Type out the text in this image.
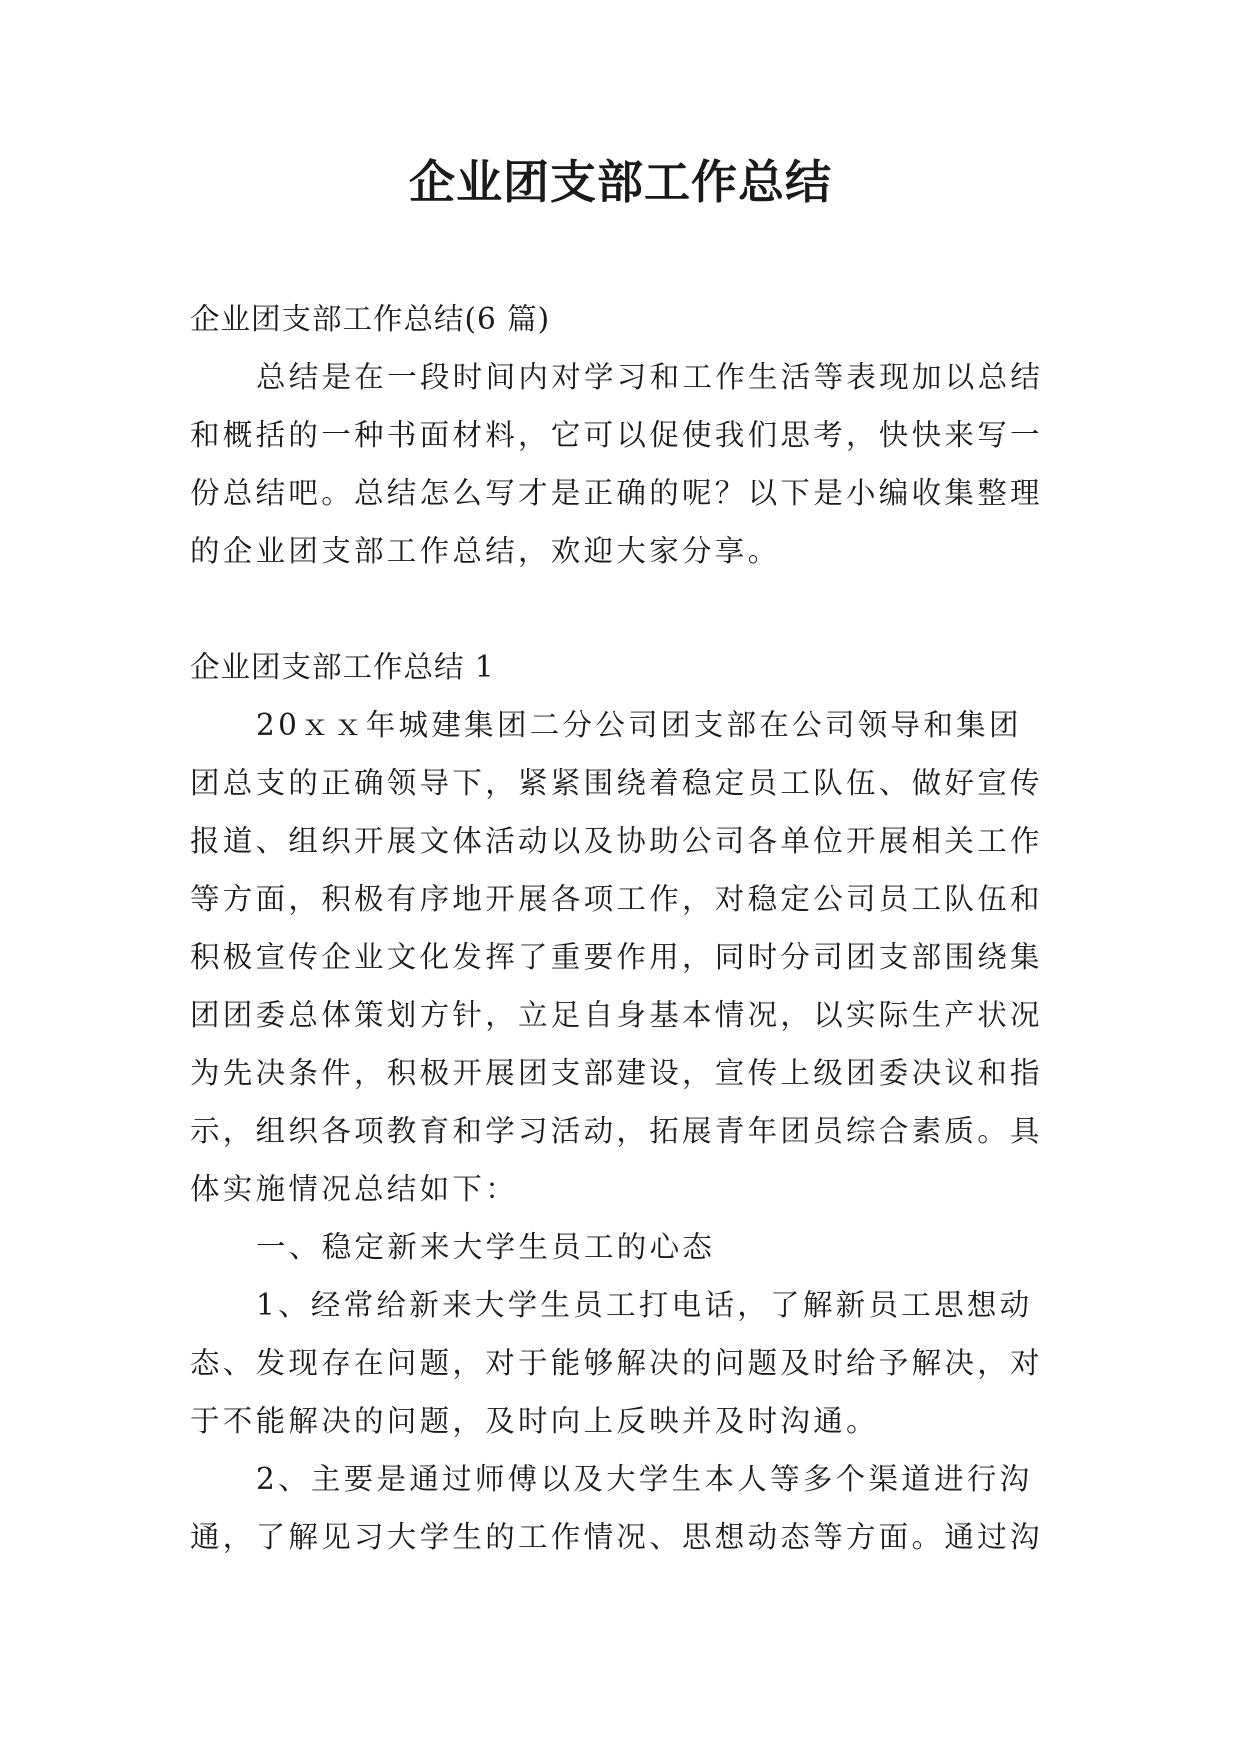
企业团支部工作总结

企业团支部工作总结(6 篇)

总结是在一段时间内对学习和工作生活等表现加以总结和概括的一种书面材料，它可以促使我们思考，快快来写一份总结吧。总结怎么写才是正确的呢？以下是小编收集整理的企业团支部工作总结，欢迎大家分享。

企业团支部工作总结 1

20ｘｘ年城建集团二分公司团支部在公司领导和集团团总支的正确领导下，紧紧围绕着稳定员工队伍、做好宣传报道、组织开展文体活动以及协助公司各单位开展相关工作等方面，积极有序地开展各项工作，对稳定公司员工队伍和积极宣传企业文化发挥了重要作用，同时分司团支部围绕集团团委总体策划方针，立足自身基本情况，以实际生产状况为先决条件，积极开展团支部建设，宣传上级团委决议和指示，组织各项教育和学习活动，拓展青年团员综合素质。具体实施情况总结如下：

一、稳定新来大学生员工的心态

1、经常给新来大学生员工打电话，了解新员工思想动态、发现存在问题，对于能够解决的问题及时给予解决，对于不能解决的问题，及时向上反映并及时沟通。

2、主要是通过师傅以及大学生本人等多个渠道进行沟通，了解见习大学生的工作情况、思想动态等方面。通过沟
